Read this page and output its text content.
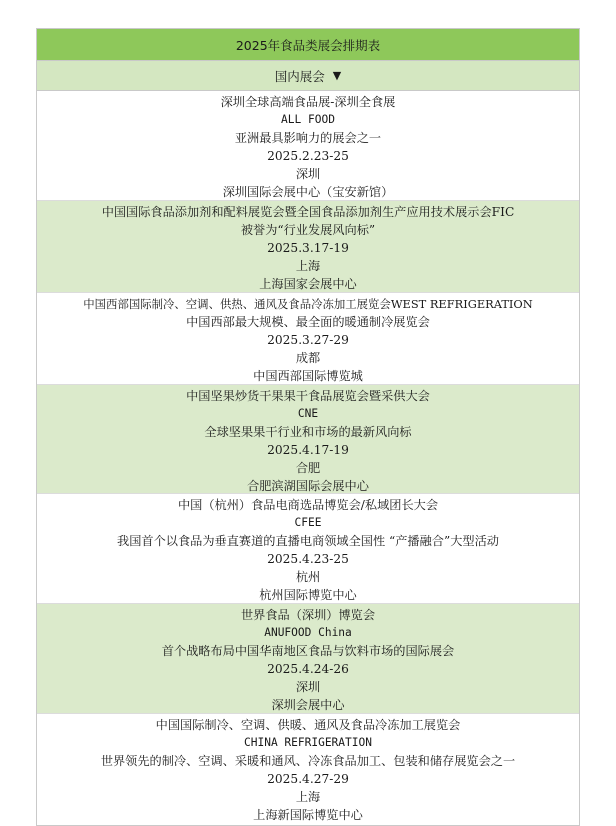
2025年食品类展会排期表
国内展会 ▼
深圳全球高端食品展-深圳全食展
ALL FOOD
亚洲最具影响力的展会之一
2025.2.23-25
深圳
深圳国际会展中心（宝安新馆）
中国国际食品添加剂和配料展览会暨全国食品添加剂生产应用技术展示会FIC
被誉为“行业发展风向标”
2025.3.17-19
上海
上海国家会展中心
中国西部国际制冷、空调、供热、通风及食品冷冻加工展览会WEST REFRIGERATION
中国西部最大规模、最全面的暖通制冷展览会
2025.3.27-29
成都
中国西部国际博览城
中国坚果炒货干果果干食品展览会暨采供大会
CNE
全球坚果果干行业和市场的最新风向标
2025.4.17-19
合肥
合肥滨湖国际会展中心
中国（杭州）食品电商选品博览会/私域团长大会
CFEE
我国首个以食品为垂直赛道的直播电商领域全国性 “产播融合”大型活动
2025.4.23-25
杭州
杭州国际博览中心
世界食品（深圳）博览会
ANUFOOD China
首个战略布局中国华南地区食品与饮料市场的国际展会
2025.4.24-26
深圳
深圳会展中心
中国国际制冷、空调、供暖、通风及食品冷冻加工展览会
CHINA REFRIGERATION
世界领先的制冷、空调、采暖和通风、冷冻食品加工、包装和储存展览会之一
2025.4.27-29
上海
上海新国际博览中心
